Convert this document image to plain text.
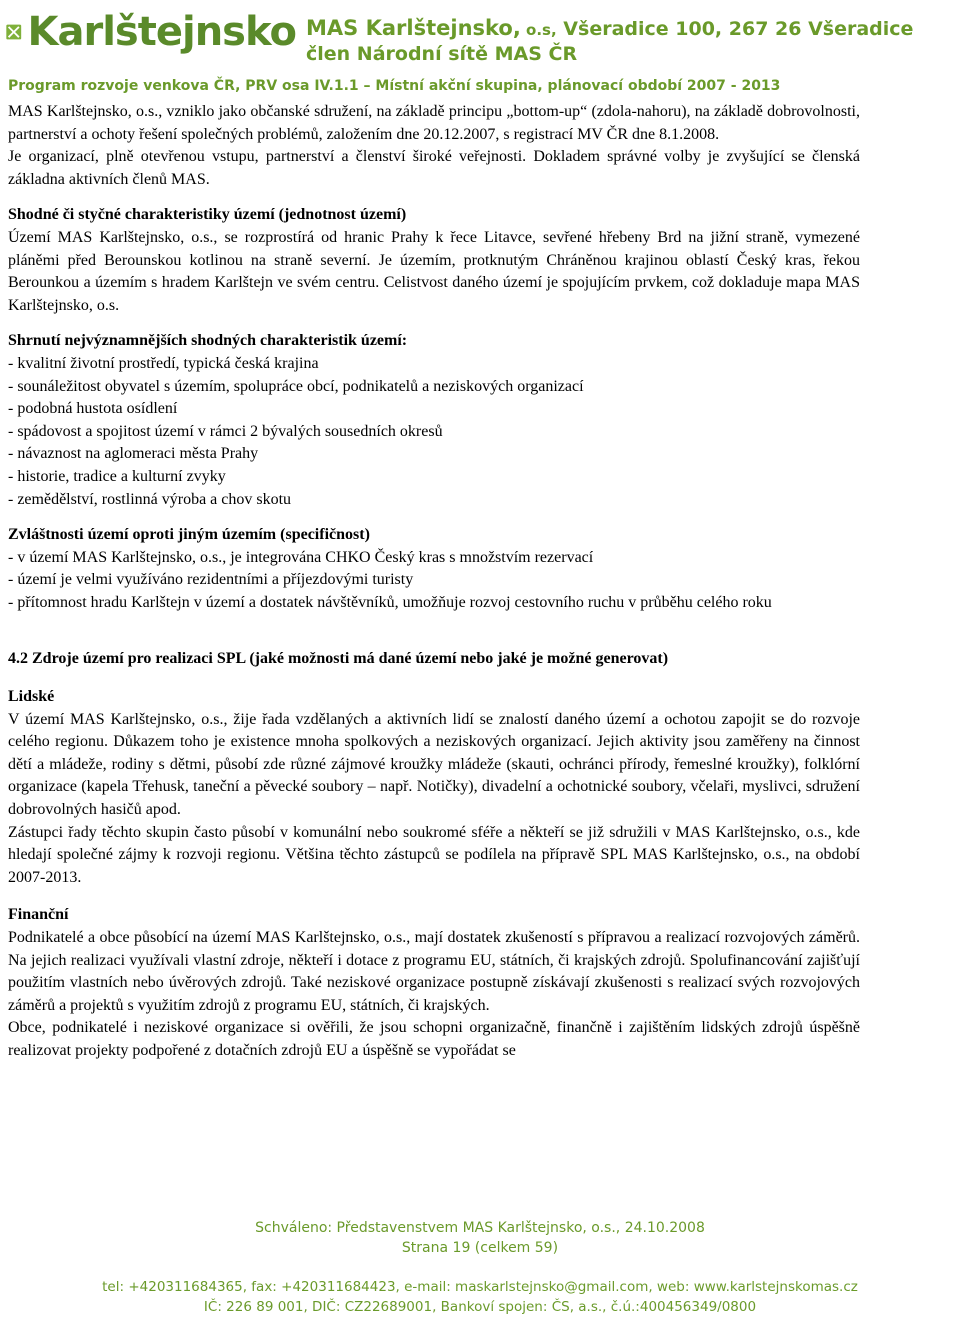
Karlštejnsko MAS Karlštejnsko, o.s, Všeradice 100, 267 26 Všeradice
člen Národní sítě MAS ČR
Program rozvoje venkova ČR, PRV osa IV.1.1 – Místní akční skupina, plánovací období 2007 - 2013

MAS Karlštejnsko, o.s., vzniklo jako občanské sdružení, na základě principu „bottom-up“ (zdola-nahoru), na základě dobrovolnosti, partnerství a ochoty řešení společných problémů, založením dne 20.12.2007, s registrací MV ČR dne 8.1.2008.

Je organizací, plně otevřenou vstupu, partnerství a členství široké veřejnosti. Dokladem správné volby je zvyšující se členská základna aktivních členů MAS.

Shodné či styčné charakteristiky území (jednotnost území)

Území MAS Karlštejnsko, o.s., se rozprostírá od hranic Prahy k řece Litavce, sevřené hřebeny Brd na jižní straně, vymezené pláněmi před Berounskou kotlinou na straně severní. Je územím, protknutým Chráněnou krajinou oblastí Český kras, řekou Berounkou a územím s hradem Karlštejn ve svém centru. Celistvost daného území je spojujícím prvkem, což dokladuje mapa MAS Karlštejnsko, o.s.

Shrnutí nejvýznamnějších shodných charakteristik území:

- kvalitní životní prostředí, typická česká krajina

- sounáležitost obyvatel s územím, spolupráce obcí, podnikatelů a neziskových organizací

- podobná hustota osídlení

- spádovost a spojitost území v rámci 2 bývalých sousedních okresů

- návaznost na aglomeraci města Prahy

- historie, tradice a kulturní zvyky

- zemědělství, rostlinná výroba a chov skotu

Zvláštnosti území oproti jiným územím (specifičnost)

- v území MAS Karlštejnsko, o.s., je integrována CHKO Český kras s množstvím rezervací

- území je velmi využíváno rezidentními a příjezdovými turisty

- přítomnost hradu Karlštejn v území a dostatek návštěvníků, umožňuje rozvoj cestovního ruchu v průběhu celého roku

4.2 Zdroje území pro realizaci SPL (jaké možnosti má dané území nebo jaké je možné generovat)

Lidské

V území MAS Karlštejnsko, o.s., žije řada vzdělaných a aktivních lidí se znalostí daného území a ochotou zapojit se do rozvoje celého regionu. Důkazem toho je existence mnoha spolkových a neziskových organizací. Jejich aktivity jsou zaměřeny na činnost dětí a mládeže, rodiny s dětmi, působí zde různé zájmové kroužky mládeže (skauti, ochránci přírody, řemeslné kroužky), folklórní organizace (kapela Třehusk, taneční a pěvecké soubory – např. Notičky), divadelní a ochotnické soubory, včelaři, myslivci, sdružení dobrovolných hasičů apod.

Zástupci řady těchto skupin často působí v komunální nebo soukromé sféře a někteří se již sdružili v MAS Karlštejnsko, o.s., kde hledají společné zájmy k rozvoji regionu. Většina těchto zástupců se podílela na přípravě SPL MAS Karlštejnsko, o.s., na období 2007-2013.

Finanční

Podnikatelé a obce působící na území MAS Karlštejnsko, o.s., mají dostatek zkušeností s přípravou a realizací rozvojových záměrů. Na jejich realizaci využívali vlastní zdroje, někteří i dotace z programu EU, státních, či krajských zdrojů. Spolufinancování zajišťují použitím vlastních nebo úvěrových zdrojů. Také neziskové organizace postupně získávají zkušenosti s realizací svých rozvojových záměrů a projektů s využitím zdrojů z programu EU, státních, či krajských.

Obce, podnikatelé i neziskové organizace si ověřili, že jsou schopni organizačně, finančně i zajištěním lidských zdrojů úspěšně realizovat projekty podpořené z dotačních zdrojů EU a úspěšně se vypořádat se

Schváleno: Představenstvem MAS Karlštejnsko, o.s., 24.10.2008
Strana 19 (celkem 59)
tel: +420311684365, fax: +420311684423, e-mail: maskarlstejnsko@gmail.com, web: www.karlstejnskomas.cz
IČ: 226 89 001, DIČ: CZ22689001, Bankoví spojen: ČS, a.s., č.ú.:400456349/0800
